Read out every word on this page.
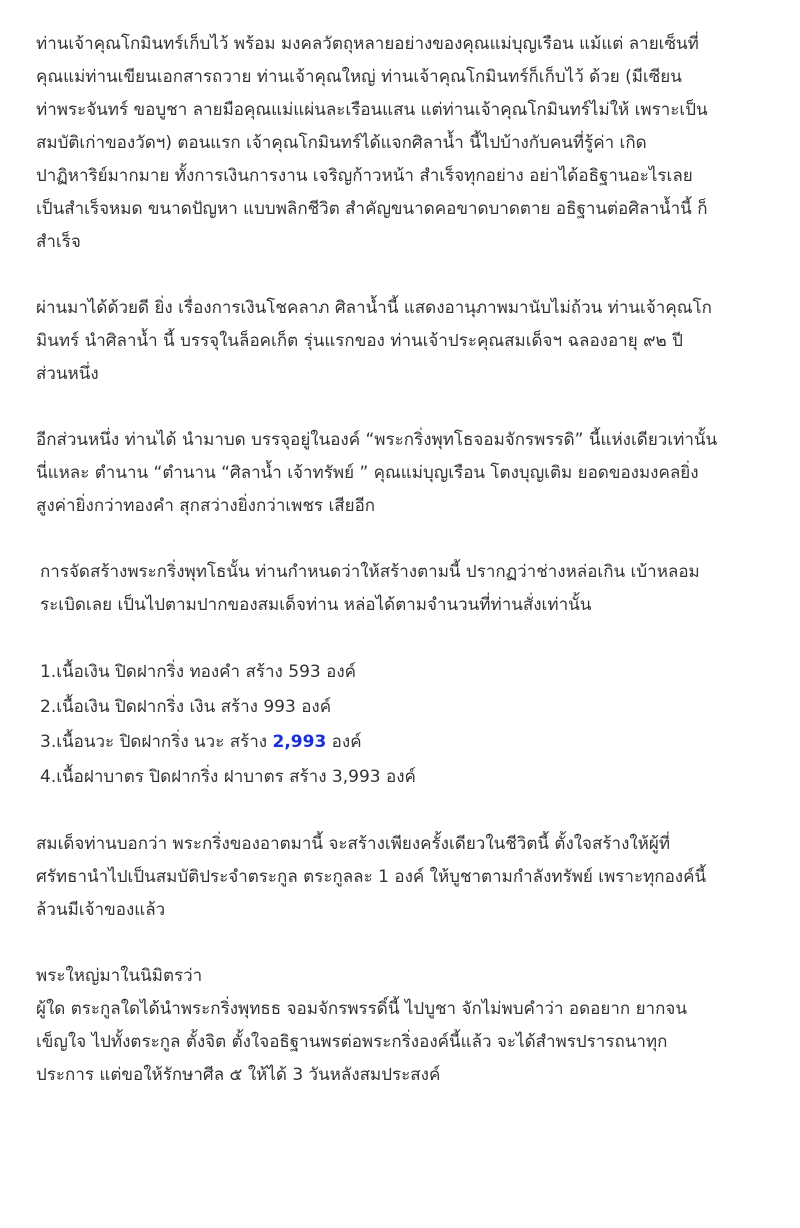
ท่านเจ้าคุณโกมินทร์เก็บไว้ พร้อม มงคลวัตถุหลายอย่างของคุณแม่บุญเรือน แม้แต่ ลายเซ็นที่
คุณแม่ท่านเขียนเอกสารถวาย ท่านเจ้าคุณใหญ่ ท่านเจ้าคุณโกมินทร์ก็เก็บไว้ ด้วย (มีเซียน
ท่าพระจันทร์ ขอบูชา ลายมือคุณแม่แผ่นละเรือนแสน แต่ท่านเจ้าคุณโกมินทร์ไม่ให้ เพราะเป็น
สมบัติเก่าของวัดฯ) ตอนแรก เจ้าคุณโกมินทร์ได้แจกศิลาน้ำ นี้ไปบ้างกับคนที่รู้ค่า เกิด
ปาฏิหาริย์มากมาย ทั้งการเงินการงาน เจริญก้าวหน้า สำเร็จทุกอย่าง อย่าได้อธิฐานอะไรเลย
เป็นสำเร็จหมด ขนาดปัญหา แบบพลิกชีวิต สำคัญขนาดคอขาดบาดตาย อธิฐานต่อศิลาน้ำนี้ ก็
สำเร็จ
ผ่านมาได้ด้วยดี ยิ่ง เรื่องการเงินโชคลาภ ศิลาน้ำนี้ แสดงอานุภาพมานับไม่ถ้วน ท่านเจ้าคุณโก
มินทร์ นำศิลาน้ำ นี้ บรรจุในล็อคเก็ต รุ่นแรกของ ท่านเจ้าประคุณสมเด็จฯ ฉลองอายุ ๙๒ ปี
ส่วนหนึ่ง
อีกส่วนหนึ่ง ท่านได้ นำมาบด บรรจุอยู่ในองค์ “พระกริ่งพุทโธจอมจักรพรรดิ” นี้แห่งเดียวเท่านั้น
นี่แหละ ตำนาน “ตำนาน “ศิลาน้ำ เจ้าทรัพย์ ” คุณแม่บุญเรือน โตงบุญเติม ยอดของมงคลยิ่ง
สูงค่ายิ่งกว่าทองคำ สุกสว่างยิ่งกว่าเพชร เสียอีก
การจัดสร้างพระกริ่งพุทโธนั้น ท่านกำหนดว่าให้สร้างตามนี้ ปรากฏว่าช่างหล่อเกิน เบ้าหลอม
ระเบิดเลย เป็นไปตามปากของสมเด็จท่าน หล่อได้ตามจำนวนที่ท่านสั่งเท่านั้น
1.เนื้อเงิน ปิดฝากริ่ง ทองคำ สร้าง 593 องค์
2.เนื้อเงิน ปิดฝากริ่ง เงิน สร้าง 993 องค์
3.เนื้อนวะ ปิดฝากริ่ง นวะ สร้าง 2,993 องค์
4.เนื้อฝาบาตร ปิดฝากริ่ง ฝาบาตร สร้าง 3,993 องค์
สมเด็จท่านบอกว่า พระกริ่งของอาตมานี้ จะสร้างเพียงครั้งเดียวในชีวิตนี้ ตั้งใจสร้างให้ผู้ที่
ศรัทธานำไปเป็นสมบัติประจำตระกูล ตระกูลละ 1 องค์ ให้บูชาตามกำลังทรัพย์ เพราะทุกองค์นี้
ล้วนมีเจ้าของแล้ว
พระใหญ่มาในนิมิตรว่า
ผู้ใด ตระกูลใดได้นำพระกริ่งพุทธธ จอมจักรพรรดิ์นี้ ไปบูชา จักไม่พบคำว่า อดอยาก ยากจน
เข็ญใจ ไปทั้งตระกูล ตั้งจิต ตั้งใจอธิฐานพรต่อพระกริ่งองค์นี้แล้ว จะได้สำพรปรารถนาทุก
ประการ แต่ขอให้รักษาศีล ๕ ให้ได้ 3 วันหลังสมประสงค์
